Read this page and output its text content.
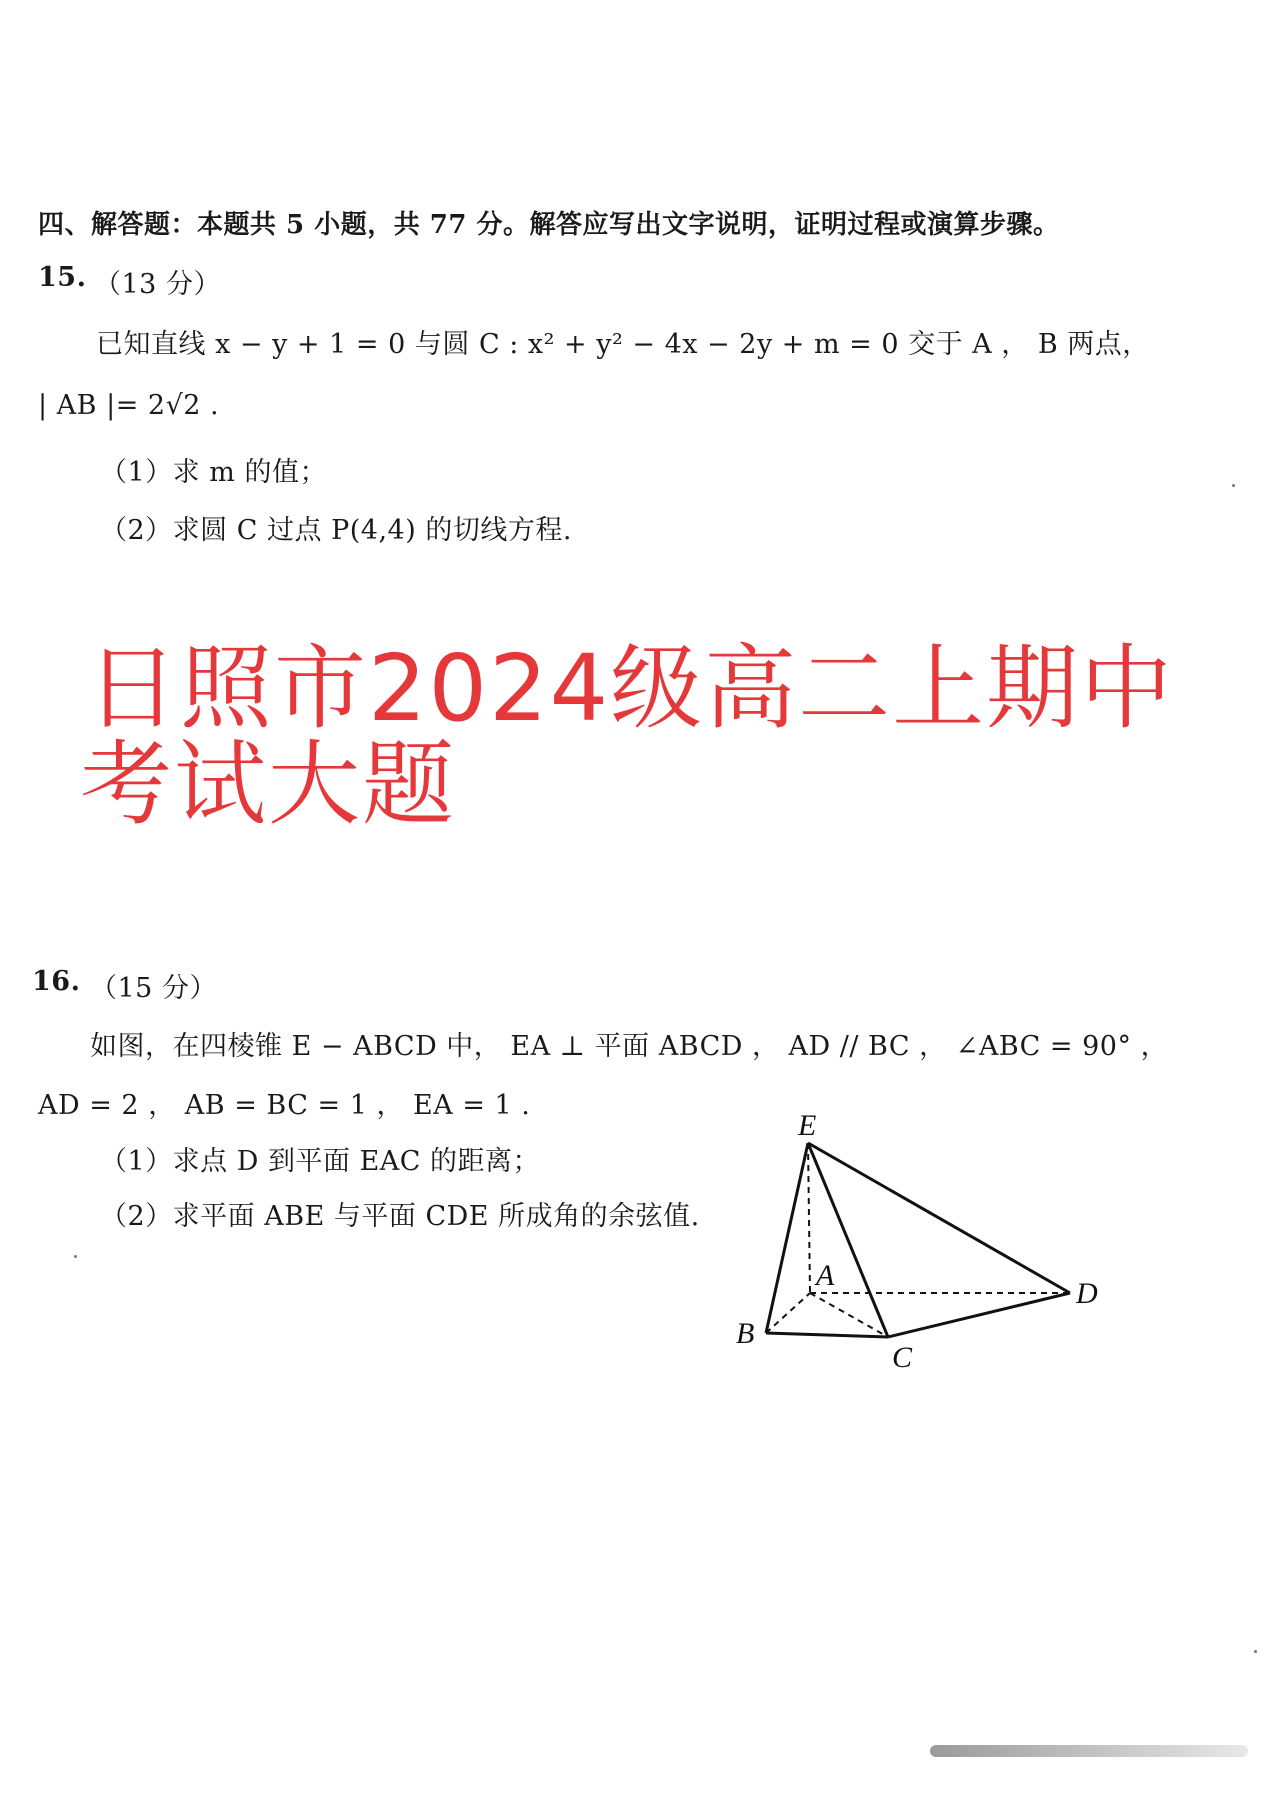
四、解答题：本题共 5 小题，共 77 分。解答应写出文字说明，证明过程或演算步骤。
15. （13 分）
已知直线 x − y + 1 = 0 与圆 C : x² + y² − 4x − 2y + m = 0 交于 A ， B 两点，
| AB |= 2√2 .
（1）求 m 的值；
（2）求圆 C 过点 P(4,4) 的切线方程.
日照市2024级高二上期中
考试大题
16. （15 分）
如图，在四棱锥 E − ABCD 中， EA ⊥ 平面 ABCD ， AD // BC ， ∠ABC = 90° ，
AD = 2 ， AB = BC = 1 ， EA = 1 .
（1）求点 D 到平面 EAC 的距离；
（2）求平面 ABE 与平面 CDE 所成角的余弦值.
E
A
B
C
D
